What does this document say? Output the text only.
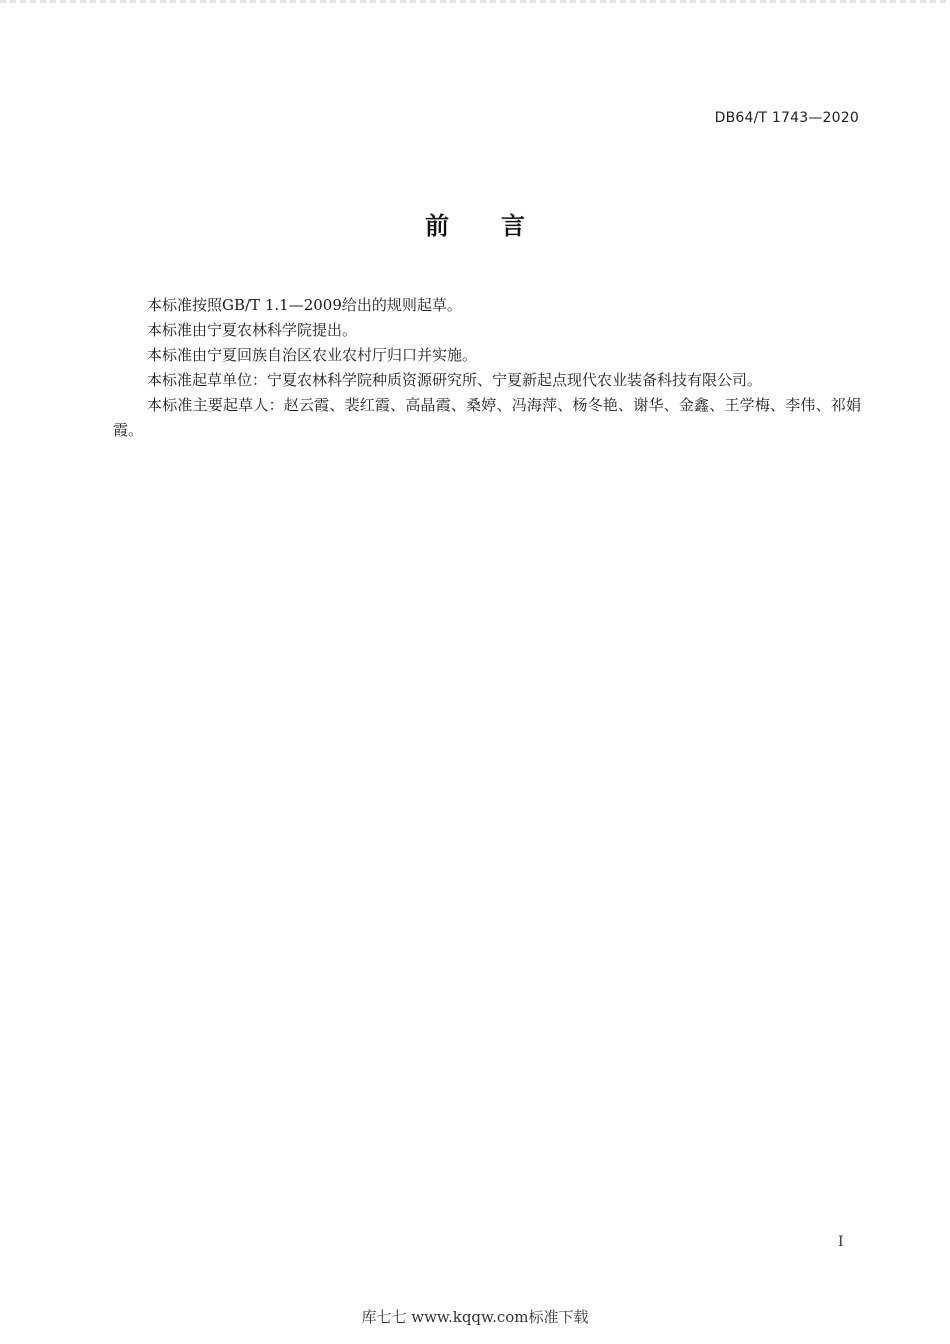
DB64/T 1743—2020
前 言

本标准按照GB/T 1.1—2009给出的规则起草。

本标准由宁夏农林科学院提出。

本标准由宁夏回族自治区农业农村厅归口并实施。

本标准起草单位：宁夏农林科学院种质资源研究所、宁夏新起点现代农业装备科技有限公司。

本标准主要起草人：赵云霞、裴红霞、高晶霞、桑婷、冯海萍、杨冬艳、谢华、金鑫、王学梅、李伟、祁娟霞。

I
库七七 www.kqqw.com标准下载
